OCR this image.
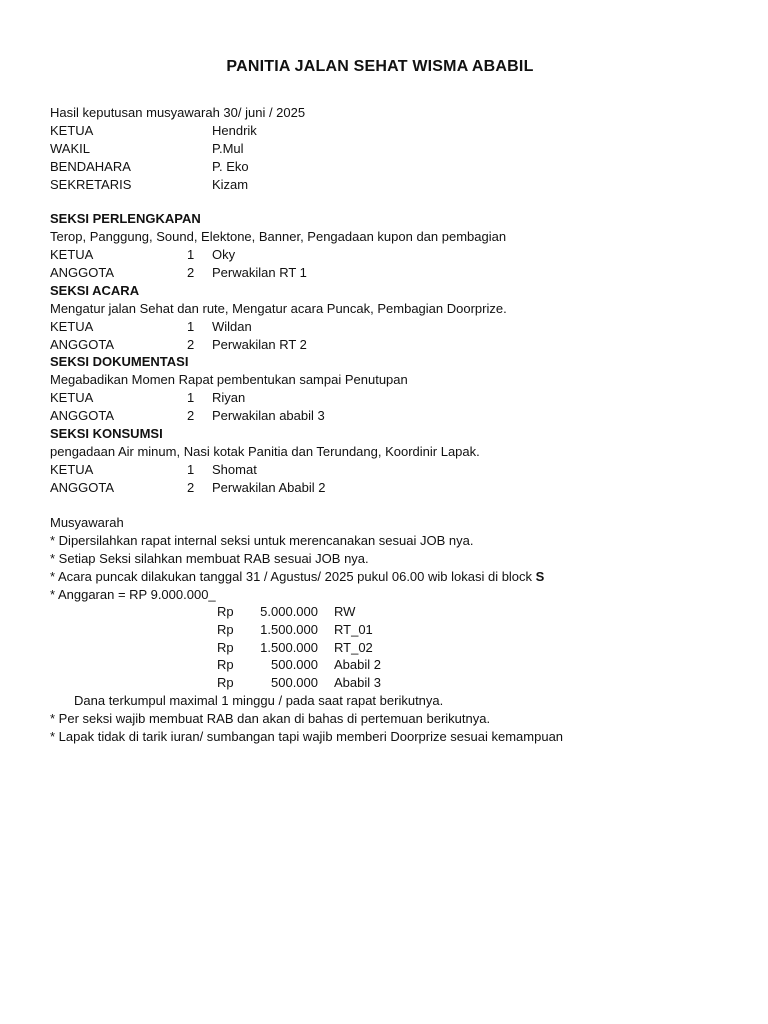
PANITIA JALAN SEHAT WISMA ABABIL
Hasil keputusan musyawarah 30/ juni / 2025
KETUA	Hendrik
WAKIL	P.Mul
BENDAHARA	P. Eko
SEKRETARIS	Kizam
SEKSI PERLENGKAPAN
Terop, Panggung, Sound, Elektone, Banner, Pengadaan kupon dan pembagian
KETUA	1 Oky
ANGGOTA	2 Perwakilan RT 1
SEKSI ACARA
Mengatur jalan Sehat dan rute, Mengatur acara Puncak, Pembagian Doorprize.
KETUA	1 Wildan
ANGGOTA	2 Perwakilan RT 2
SEKSI DOKUMENTASI
Megabadikan Momen Rapat pembentukan sampai Penutupan
KETUA	1 Riyan
ANGGOTA	2 Perwakilan ababil 3
SEKSI KONSUMSI
pengadaan Air minum, Nasi kotak Panitia dan Terundang, Koordinir Lapak.
KETUA	1 Shomat
ANGGOTA	2 Perwakilan Ababil 2
Musyawarah
* Dipersilahkan rapat internal seksi untuk merencanakan sesuai JOB nya.
* Setiap Seksi silahkan membuat RAB sesuai JOB nya.
* Acara puncak dilakukan tanggal 31 / Agustus/ 2025 pukul 06.00 wib lokasi di block S
* Anggaran = RP 9.000.000_
Rp	5.000.000 RW
Rp	1.500.000 RT_01
Rp	1.500.000 RT_02
Rp	500.000 Ababil 2
Rp	500.000 Ababil 3
Dana terkumpul maximal 1 minggu / pada saat rapat berikutnya.
* Per seksi wajib membuat RAB dan akan di bahas di pertemuan berikutnya.
* Lapak tidak di tarik iuran/ sumbangan tapi wajib memberi Doorprize sesuai kemampuan
